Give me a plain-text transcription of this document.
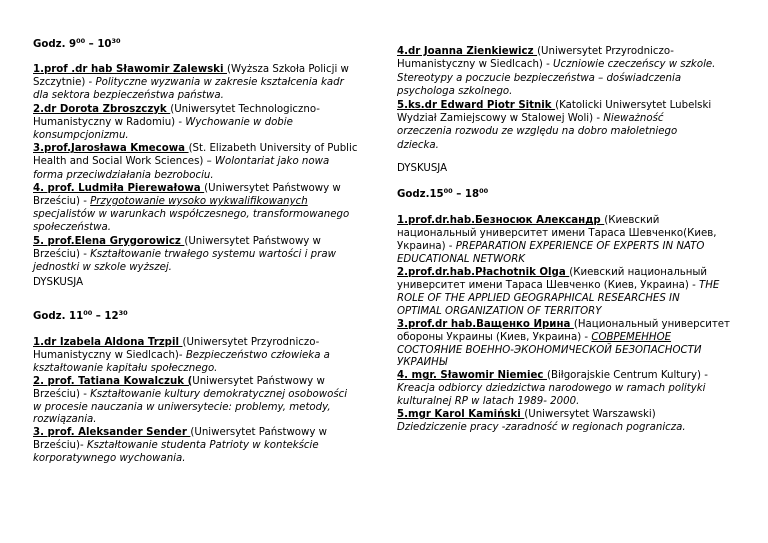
Godz. $9^{00} - 10^{30}$
1.prof .dr hab Sławomir Zalewski (Wyższa Szkoła Policji w
Szczytnie) - Polityczne wyzwania w zakresie kształcenia kadr
dla sektora bezpieczeństwa państwa.
2.dr Dorota Zbroszczyk (Uniwersytet Technologiczno-
Humanistyczny w Radomiu) - Wychowanie w dobie
konsumpcjonizmu.
3.prof.Jarosława Kmecowa (St. Elizabeth University of Public
Health and Social Work Sciences) – Wolontariat jako nowa
forma przeciwdziałania bezrobociu.
4. prof. Ludmiła Pierewałowa (Uniwersytet Państwowy w
Brześciu) - Przygotowanie wysoko wykwalifikowanych
specjalistów w warunkach współczesnego, transformowanego
społeczeństwa.
5. prof.Elena Grygorowicz (Uniwersytet Państwowy w
Brześciu) - Kształtowanie trwałego systemu wartości i praw
jednostki w szkole wyższej.
DYSKUSJA
Godz. $11^{00} - 12^{30}$
1.dr Izabela Aldona Trzpil (Uniwersytet Przyrodniczo-
Humanistyczny w Siedlcach)- Bezpieczeństwo człowieka a
kształtowanie kapitału społecznego.
2. prof. Tatiana Kowalczuk (Uniwersytet Państwowy w
Brześciu) - Kształtowanie kultury demokratycznej osobowości
w procesie nauczania w uniwersytecie: problemy, metody,
rozwiązania.
3. prof. Aleksander Sender (Uniwersytet Państwowy w
Brześciu)- Kształtowanie studenta Patrioty w kontekście
korporatywnego wychowania.
4.dr Joanna Zienkiewicz (Uniwersytet Przyrodniczo-
Humanistyczny w Siedlcach) - Uczniowie czeczeńscy w szkole.
Stereotypy a poczucie bezpieczeństwa – doświadczenia
psychologa szkolnego.
5.ks.dr Edward Piotr Sitnik (Katolicki Uniwersytet Lubelski
Wydział Zamiejscowy w Stalowej Woli) - Nieważność
orzeczenia rozwodu ze względu na dobro małoletniego
dziecka.
DYSKUSJA
$Godz.15^{00} - 18^{00}$
1.prof.dr.hab.Безносюк Александр (Киевский
национальный университет имени Тараса Шевченко(Киев,
Украина) - PREPARATION EXPERIENCE OF EXPERTS IN NATO
EDUCATIONAL NETWORK
2.prof.dr.hab.Płachotnik Olga (Киевский национальный
университет имени Тараса Шевченко (Киев, Украина) - THE
ROLE OF THE APPLIED GEOGRAPHICAL RESEARCHES IN
OPTIMAL ORGANIZATION OF TERRITORY
3.prof.dr hab.Ващенко Ирина (Национальный университет
обороны Украины (Киев, Украина) - СОВРЕМЕННОЕ
СОСТОЯНИЕ ВОЕННО-ЭКОНОМИЧЕСКОЙ БЕЗОПАСНОСТИ
УКРАИНЫ
4. mgr. Sławomir Niemiec (Biłgorajskie Centrum Kultury) -
Kreacja odbiorcy dziedzictwa narodowego w ramach polityki
kulturalnej RP w latach 1989- 2000.
5.mgr Karol Kamiński (Uniwersytet Warszawski)
Dziedziczenie pracy -zaradność w regionach pogranicza.
